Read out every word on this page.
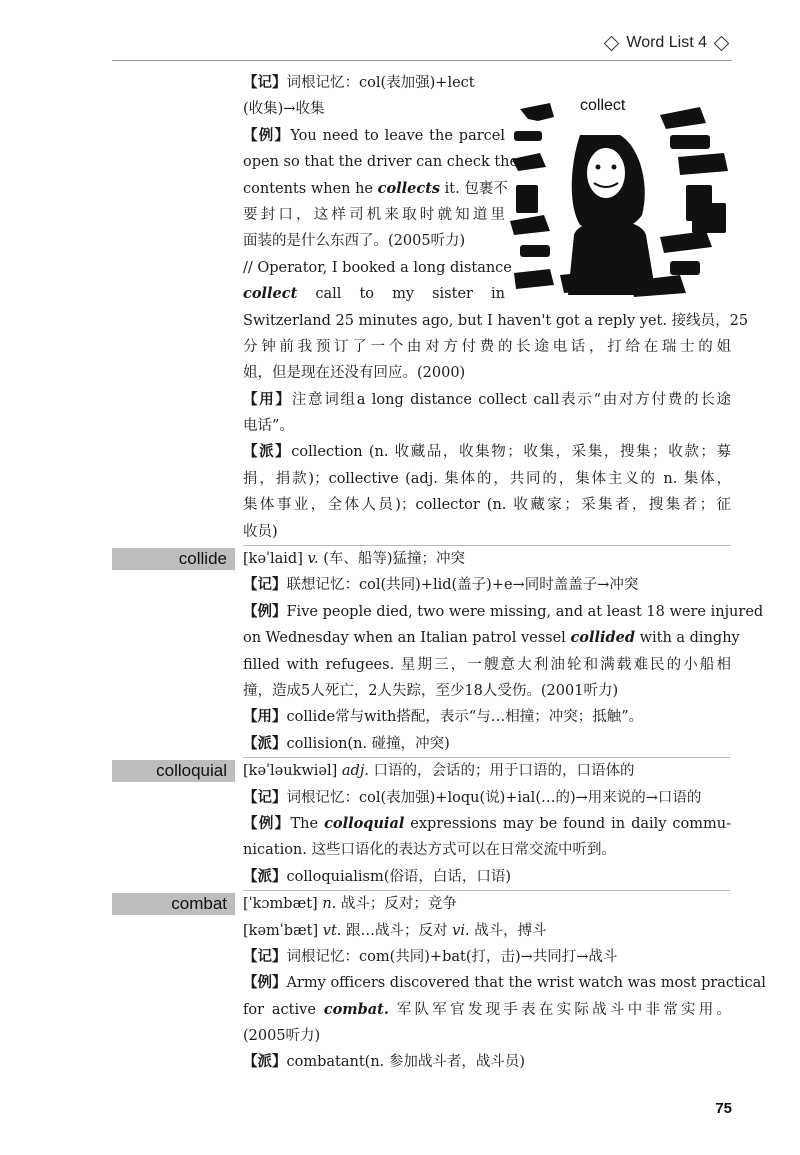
Word List 4
collect
【记】词根记忆：col(表加强)+lect
(收集)→收集
【例】You need to leave the parcel
open so that the driver can check the
contents when he collects it. 包裹不
要封口，这样司机来取时就知道里
面装的是什么东西了。(2005听力)
// Operator, I booked a long distance
collect call to my sister in
Switzerland 25 minutes ago, but I haven't got a reply yet. 接线员，25
分钟前我预订了一个由对方付费的长途电话，打给在瑞士的姐
姐，但是现在还没有回应。(2000)
【用】注意词组a long distance collect call表示“由对方付费的长途
电话”。
【派】collection (n. 收藏品，收集物；收集，采集，搜集；收款；募
捐，捐款)；collective (adj. 集体的，共同的，集体主义的 n. 集体，
集体事业，全体人员)；collector (n. 收藏家；采集者，搜集者；征
收员)
collide	[kəˈlaid] v. (车、船等)猛撞；冲突
【记】联想记忆：col(共同)+lid(盖子)+e→同时盖盖子→冲突
【例】Five people died, two were missing, and at least 18 were injured
on Wednesday when an Italian patrol vessel collided with a dinghy
filled with refugees. 星期三，一艘意大利油轮和满载难民的小船相
撞，造成5人死亡，2人失踪，至少18人受伤。(2001听力)
【用】collide常与with搭配，表示“与…相撞；冲突；抵触”。
【派】collision(n. 碰撞，冲突)
colloquial	[kəˈləukwiəl] adj. 口语的，会话的；用于口语的，口语体的
【记】词根记忆：col(表加强)+loqu(说)+ial(…的)→用来说的→口语的
【例】The colloquial expressions may be found in daily commu-
nication. 这些口语化的表达方式可以在日常交流中听到。
【派】colloquialism(俗语，白话，口语)
combat	[ˈkɔmbæt] n. 战斗；反对；竞争
[kəmˈbæt] vt. 跟…战斗；反对 vi. 战斗，搏斗
【记】词根记忆：com(共同)+bat(打，击)→共同打→战斗
【例】Army officers discovered that the wrist watch was most practical
for active combat. 军队军官发现手表在实际战斗中非常实用。
(2005听力)
【派】combatant(n. 参加战斗者，战斗员)
75
